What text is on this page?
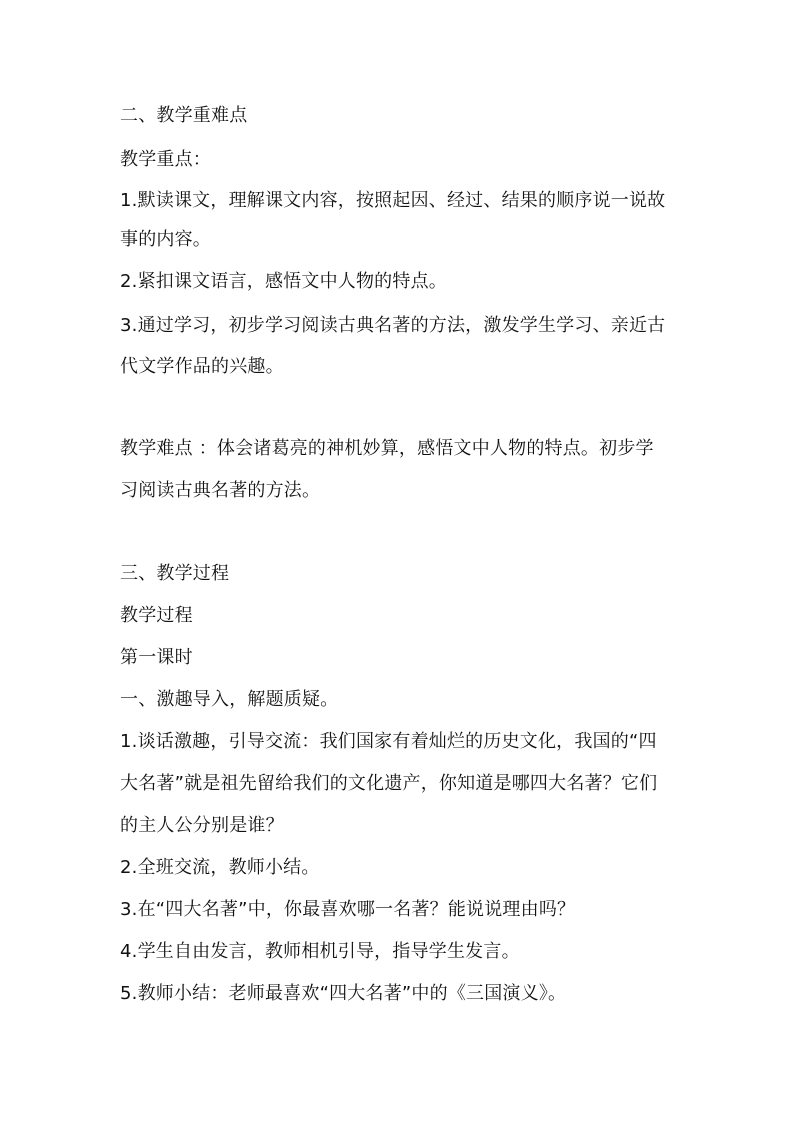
二、教学重难点
教学重点：
1.默读课文，理解课文内容，按照起因、经过、结果的顺序说一说故
事的内容。
2.紧扣课文语言，感悟文中人物的特点。
3.通过学习，初步学习阅读古典名著的方法，激发学生学习、亲近古
代文学作品的兴趣。
教学难点 ：体会诸葛亮的神机妙算，感悟文中人物的特点。初步学
习阅读古典名著的方法。
三、教学过程
教学过程
第一课时
一、激趣导入，解题质疑。
1.谈话激趣，引导交流：我们国家有着灿烂的历史文化，我国的“四
大名著”就是祖先留给我们的文化遗产，你知道是哪四大名著？它们
的主人公分别是谁？
2.全班交流，教师小结。
3.在“四大名著”中，你最喜欢哪一名著？能说说理由吗？
4.学生自由发言，教师相机引导，指导学生发言。
5.教师小结：老师最喜欢“四大名著”中的《三国演义》。
